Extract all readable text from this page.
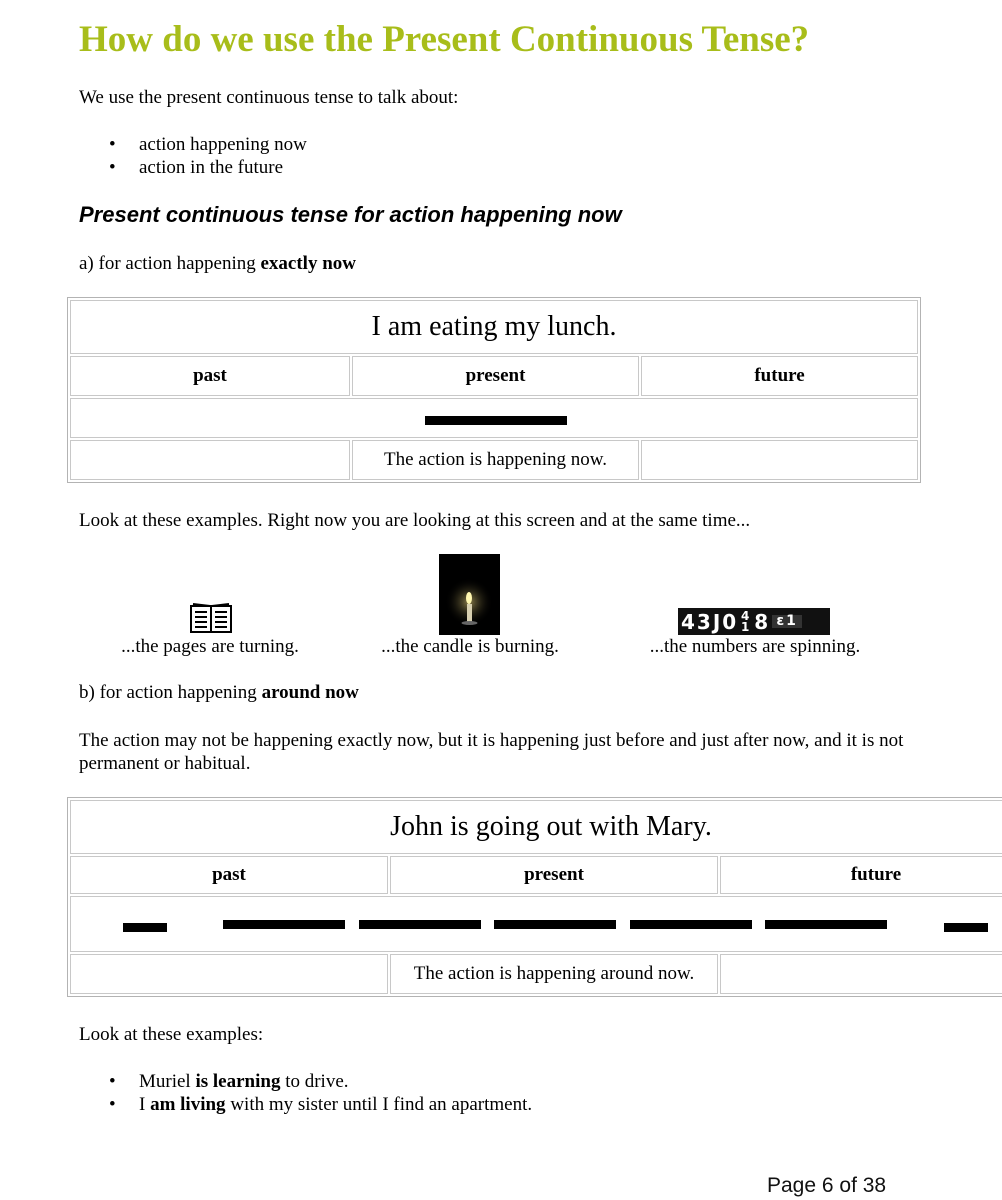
How do we use the Present Continuous Tense?

We use the present continuous tense to talk about:

• action happening now
• action in the future
Present continuous tense for action happening now

a) for action happening exactly now

I am eating my lunch.		
past	present	future

	The action is happening now.	

Look at these examples. Right now you are looking at this screen and at the same time...

43J0 4
1 8 ε1
...the pages are turning.	...the candle is burning.	...the numbers are spinning.

b) for action happening around now

The action may not be happening exactly now, but it is happening just before and just after now, and it is not permanent or habitual.

John is going out with Mary.		
past	present	future

	The action is happening around now.	

Look at these examples:

• Muriel is learning to drive.
• I am living with my sister until I find an apartment.
Page 6 of 38
